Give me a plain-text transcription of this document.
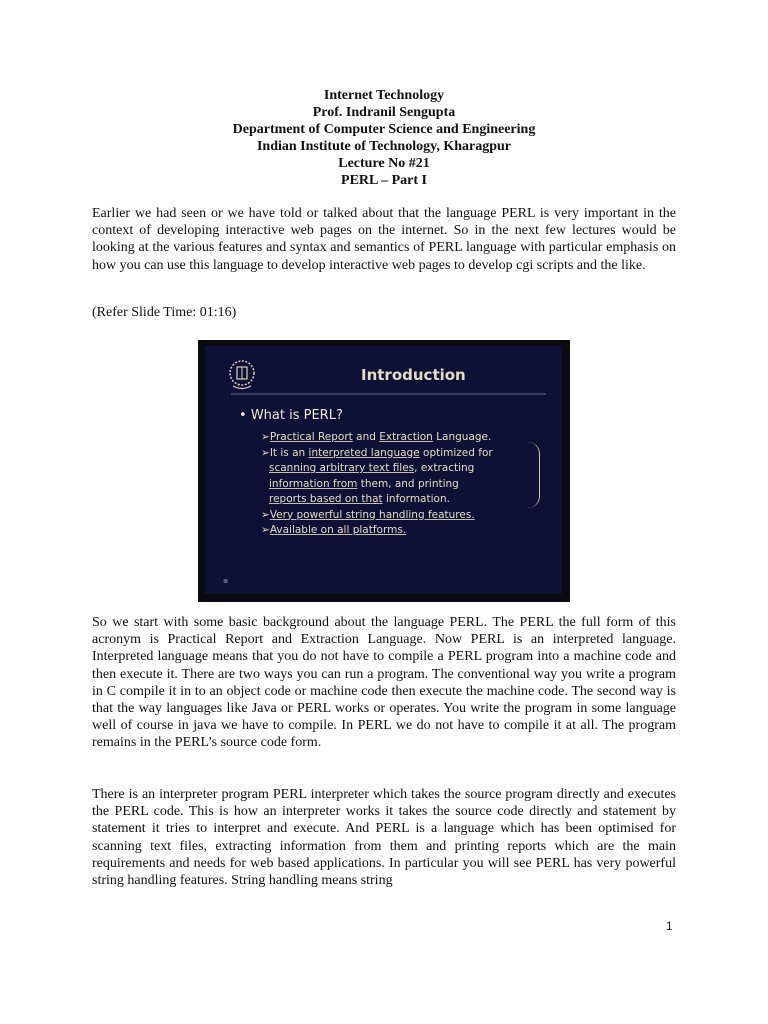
Internet Technology
Prof. Indranil Sengupta
Department of Computer Science and Engineering
Indian Institute of Technology, Kharagpur
Lecture No #21
PERL – Part I
Earlier we had seen or we have told or talked about that the language PERL is very important in the context of developing interactive web pages on the internet. So in the next few lectures would be looking at the various features and syntax and semantics of PERL language with particular emphasis on how you can use this language to develop interactive web pages to develop cgi scripts and the like.
(Refer Slide Time: 01:16)
Introduction
• What is PERL?
➢Practical Report and Extraction Language.
➢It is an interpreted language optimized for
scanning arbitrary text files, extracting
information from them, and printing
reports based on that information.
➢Very powerful string handling features.
➢Available on all platforms.
▪
So we start with some basic background about the language PERL. The PERL the full form of this acronym is Practical Report and Extraction Language. Now PERL is an interpreted language. Interpreted language means that you do not have to compile a PERL program into a machine code and then execute it. There are two ways you can run a program. The conventional way you write a program in C compile it in to an object code or machine code then execute the machine code. The second way is that the way languages like Java or PERL works or operates. You write the program in some language well of course in java we have to compile. In PERL we do not have to compile it at all. The program remains in the PERL’s source code form.
There is an interpreter program PERL interpreter which takes the source program directly and executes the PERL code. This is how an interpreter works it takes the source code directly and statement by statement it tries to interpret and execute. And PERL is a language which has been optimised for scanning text files, extracting information from them and printing reports which are the main requirements and needs for web based applications. In particular you will see PERL has very powerful string handling features. String handling means string
1
